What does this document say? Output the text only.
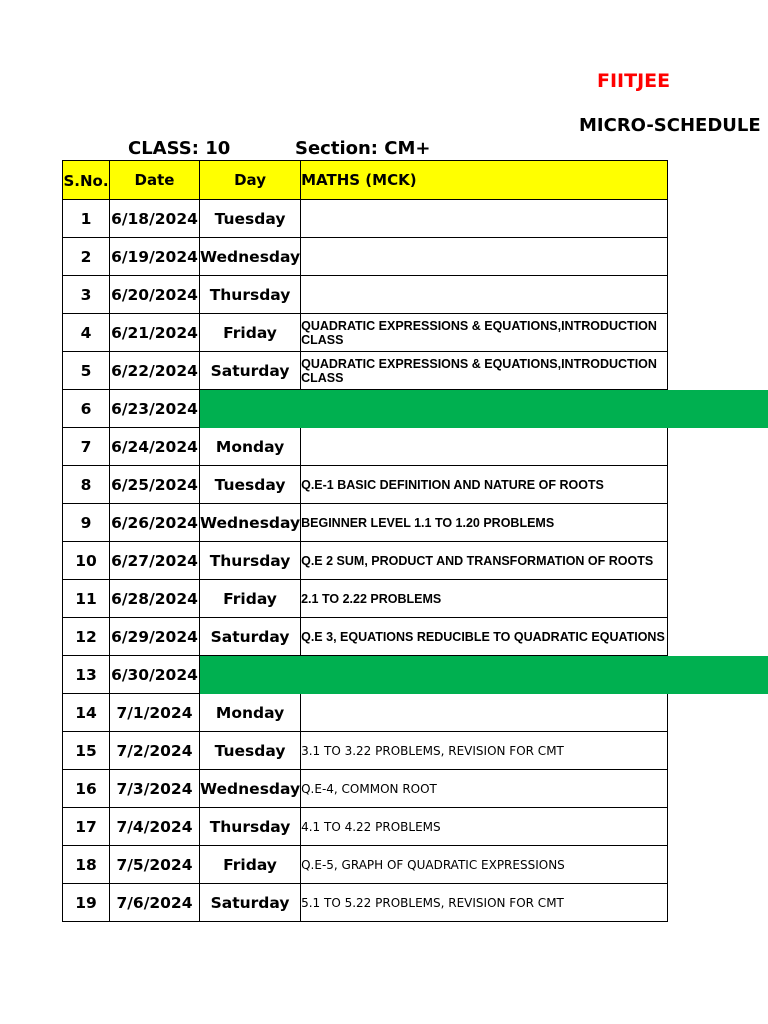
FIITJEE
MICRO-SCHEDULE
CLASS: 10	Section: CM+
S.No.	Date	Day	MATHS (MCK)
1	6/18/2024	Tuesday	
2	6/19/2024	Wednesday	
3	6/20/2024	Thursday	
4	6/21/2024	Friday	QUADRATIC EXPRESSIONS & EQUATIONS,INTRODUCTION CLASS

5	6/22/2024	Saturday	QUADRATIC EXPRESSIONS & EQUATIONS,INTRODUCTION CLASS

6	6/23/2024		
7	6/24/2024	Monday	
8	6/25/2024	Tuesday	Q.E-1 BASIC DEFINITION AND NATURE OF ROOTS

9	6/26/2024	Wednesday	BEGINNER LEVEL 1.1 TO 1.20 PROBLEMS

10	6/27/2024	Thursday	Q.E 2 SUM, PRODUCT AND TRANSFORMATION OF ROOTS

11	6/28/2024	Friday	2.1 TO 2.22 PROBLEMS

12	6/29/2024	Saturday	Q.E 3, EQUATIONS REDUCIBLE TO QUADRATIC EQUATIONS

13	6/30/2024		
14	7/1/2024	Monday	
15	7/2/2024	Tuesday	3.1 TO 3.22 PROBLEMS, REVISION FOR CMT

16	7/3/2024	Wednesday	Q.E-4, COMMON ROOT

17	7/4/2024	Thursday	4.1 TO 4.22 PROBLEMS

18	7/5/2024	Friday	Q.E-5, GRAPH OF QUADRATIC EXPRESSIONS

19	7/6/2024	Saturday	5.1 TO 5.22 PROBLEMS, REVISION FOR CMT
